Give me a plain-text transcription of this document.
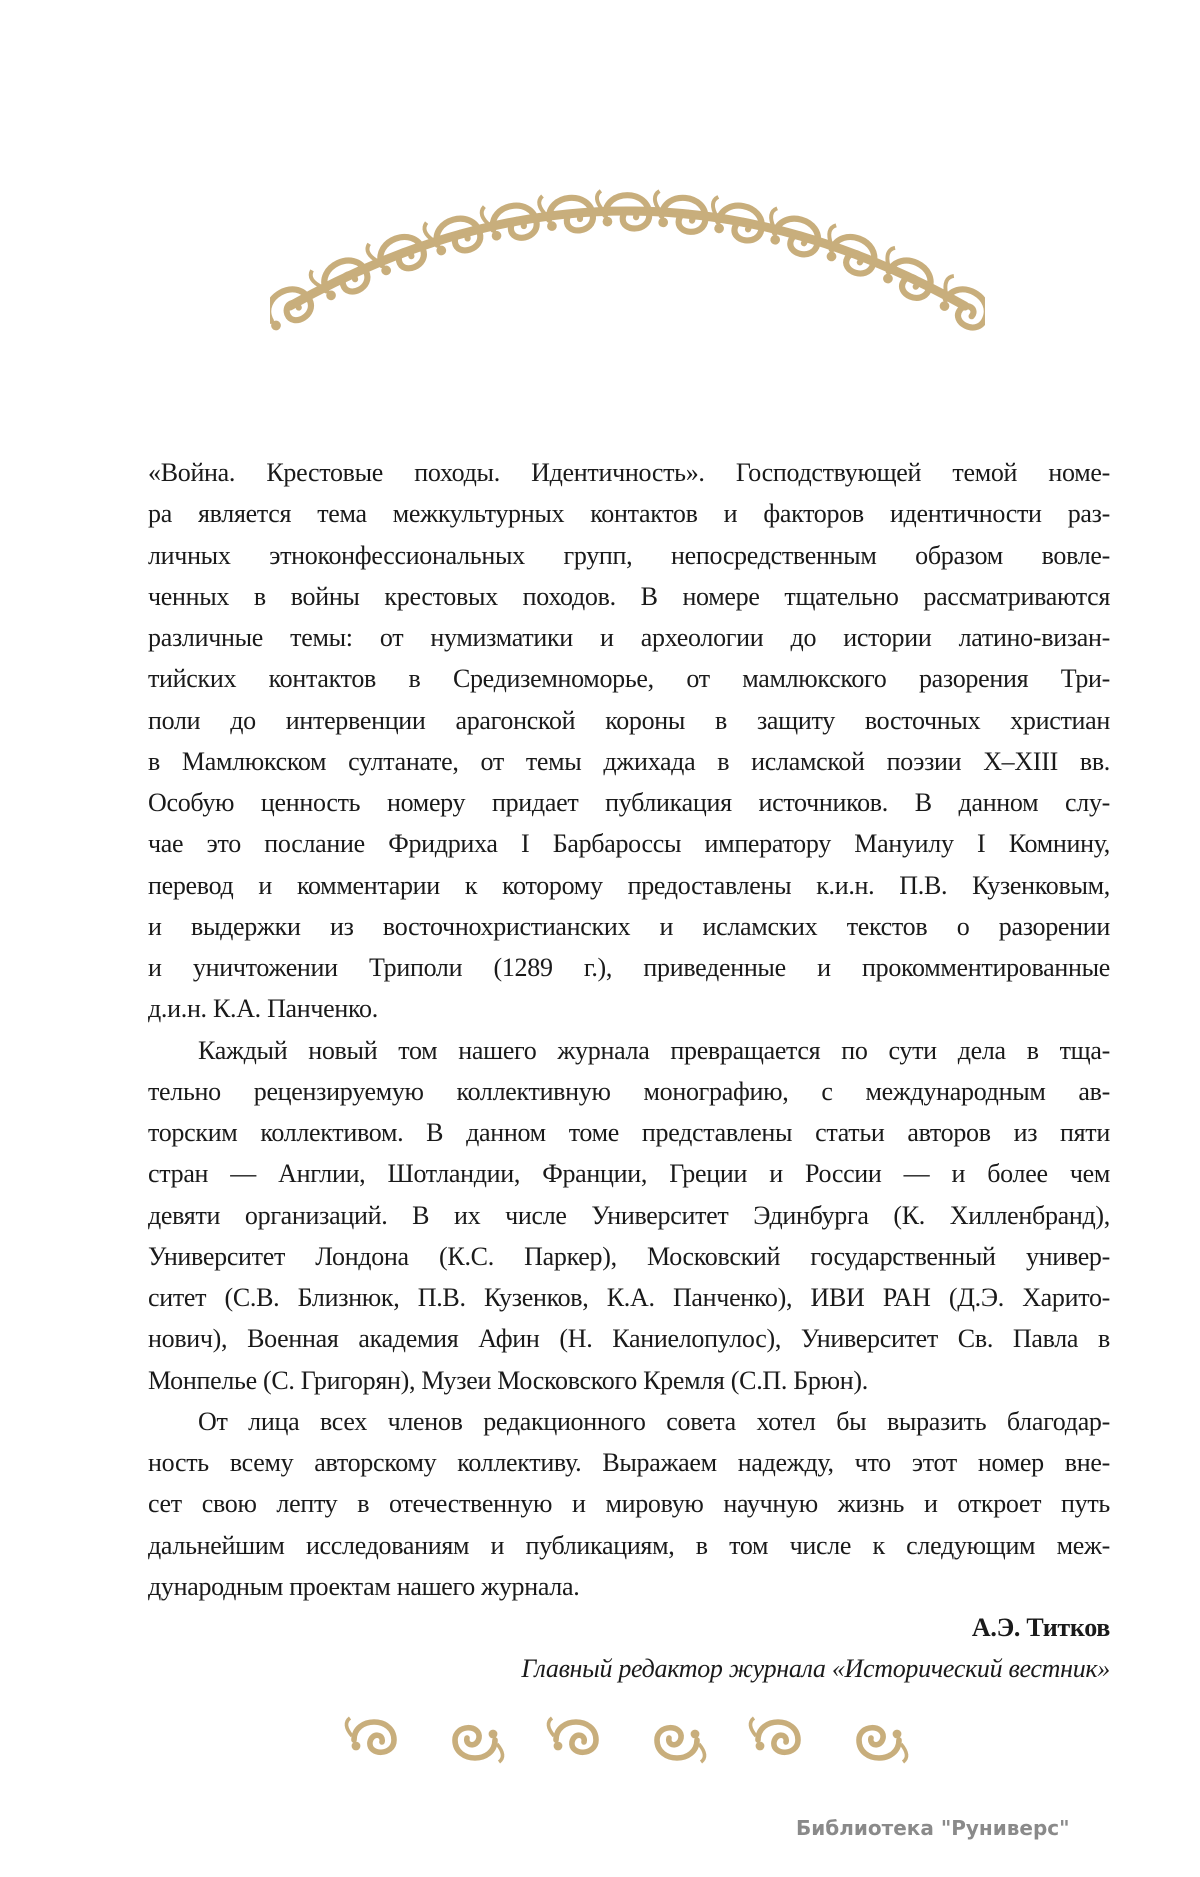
«Война. Крестовые походы. Идентичность». Господствующей темой номе-
ра является тема межкультурных контактов и факторов идентичности раз-
личных этноконфессиональных групп, непосредственным образом вовле-
ченных в войны крестовых походов. В номере тщательно рассматриваются
различные темы: от нумизматики и археологии до истории латино-визан-
тийских контактов в Средиземноморье, от мамлюкского разорения Три-
поли до интервенции арагонской короны в защиту восточных христиан
в Мамлюкском султанате, от темы джихада в исламской поэзии X–XIII вв.
Особую ценность номеру придает публикация источников. В данном слу-
чае это послание Фридриха I Барбароссы императору Мануилу I Комнину,
перевод и комментарии к которому предоставлены к.и.н. П.В. Кузенковым,
и выдержки из восточнохристианских и исламских текстов о разорении
и уничтожении Триполи (1289 г.), приведенные и прокомментированные
д.и.н. К.А. Панченко.
Каждый новый том нашего журнала превращается по сути дела в тща-
тельно рецензируемую коллективную монографию, с международным ав-
торским коллективом. В данном томе представлены статьи авторов из пяти
стран — Англии, Шотландии, Франции, Греции и России — и более чем
девяти организаций. В их числе Университет Эдинбурга (К. Хилленбранд),
Университет Лондона (К.С. Паркер), Московский государственный универ-
ситет (С.В. Близнюк, П.В. Кузенков, К.А. Панченко), ИВИ РАН (Д.Э. Харито-
нович), Военная академия Афин (Н. Каниелопулос), Университет Св. Павла в
Монпелье (С. Григорян), Музеи Московского Кремля (С.П. Брюн).
От лица всех членов редакционного совета хотел бы выразить благодар-
ность всему авторскому коллективу. Выражаем надежду, что этот номер вне-
сет свою лепту в отечественную и мировую научную жизнь и откроет путь
дальнейшим исследованиям и публикациям, в том числе к следующим меж-
дународным проектам нашего журнала.
А.Э. Титков
Главный редактор журнала «Исторический вестник»
Библиотека "Руниверс"
